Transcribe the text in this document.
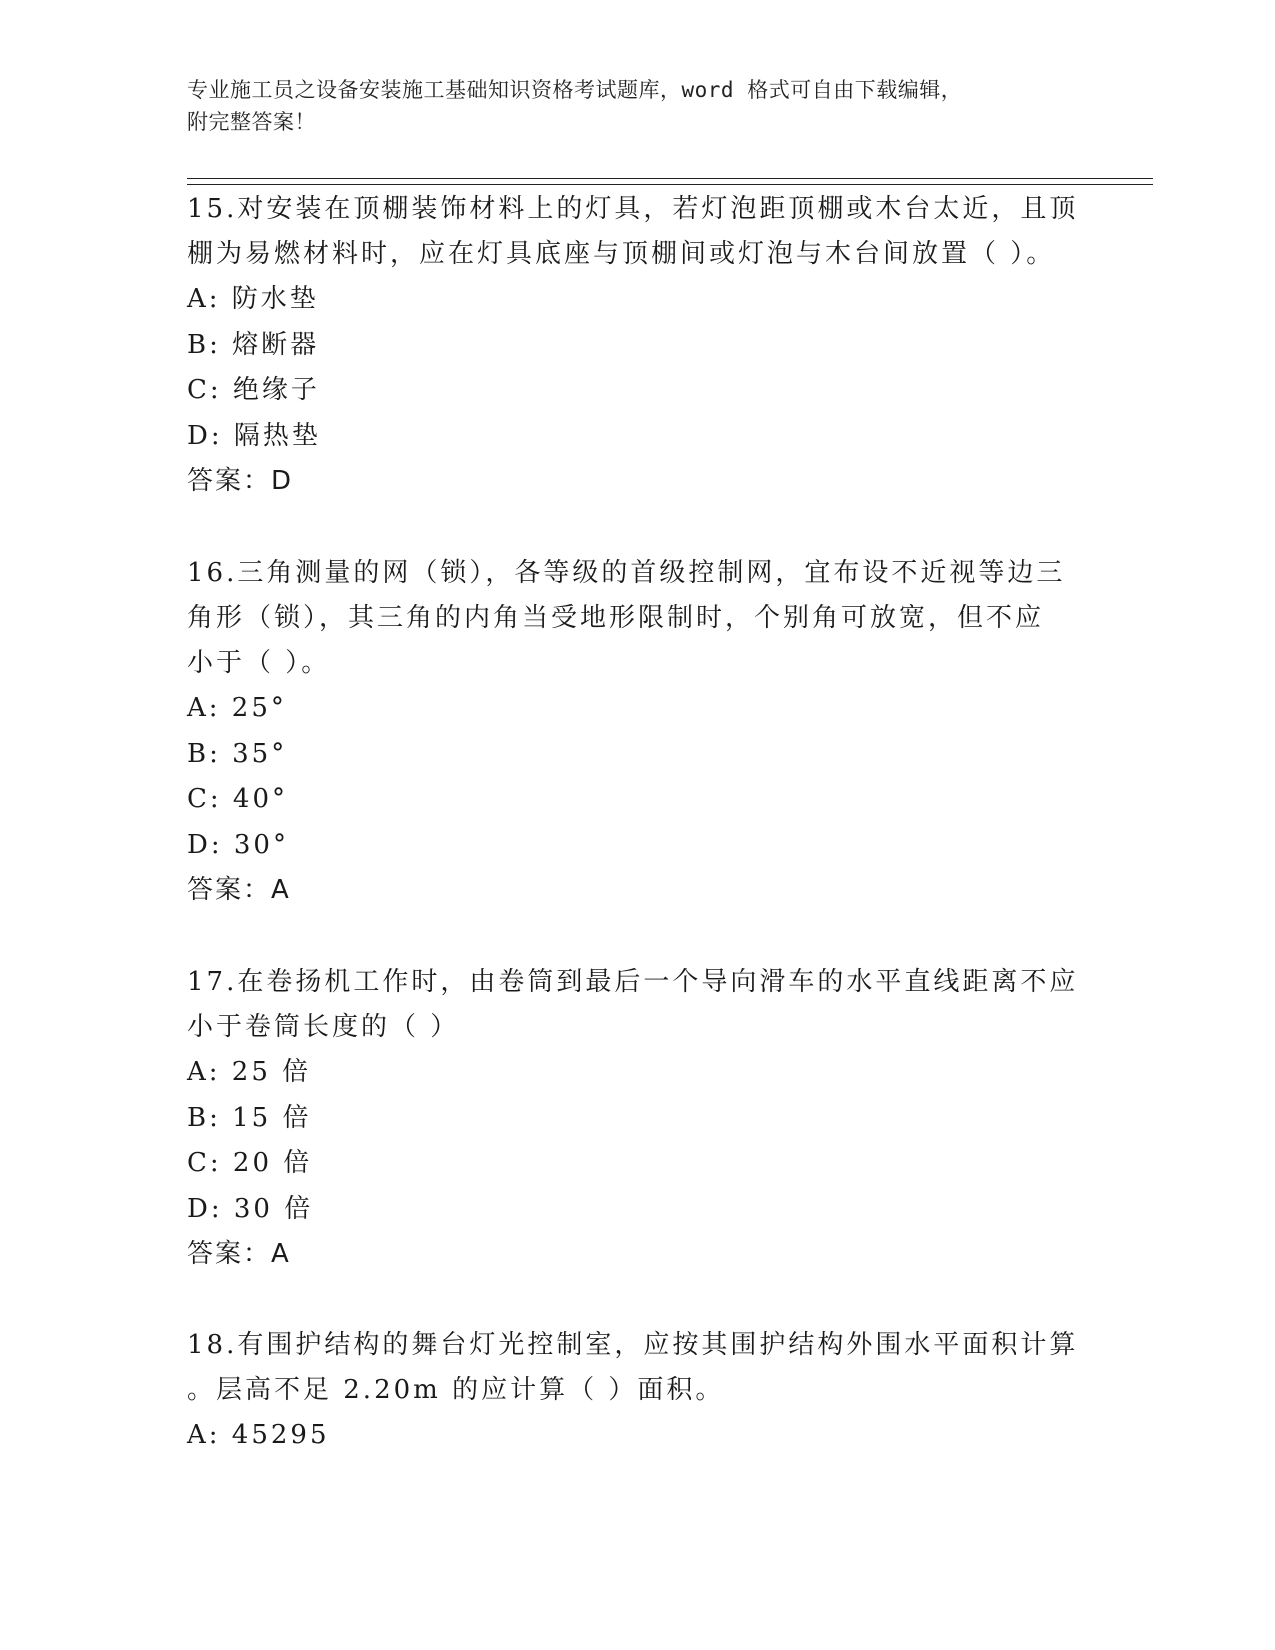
专业施工员之设备安装施工基础知识资格考试题库，word 格式可自由下载编辑，
附完整答案！
15.对安装在顶棚装饰材料上的灯具，若灯泡距顶棚或木台太近，且顶
棚为易燃材料时，应在灯具底座与顶棚间或灯泡与木台间放置（ ）。
A: 防水垫
B: 熔断器
C: 绝缘子
D: 隔热垫
答案：D
16.三角测量的网（锁），各等级的首级控制网，宜布设不近视等边三
角形（锁），其三角的内角当受地形限制时，个别角可放宽，但不应
小于（ ）。
A: 25°
B: 35°
C: 40°
D: 30°
答案：A
17.在卷扬机工作时，由卷筒到最后一个导向滑车的水平直线距离不应
小于卷筒长度的（ ）
A: 25 倍
B: 15 倍
C: 20 倍
D: 30 倍
答案：A
18.有围护结构的舞台灯光控制室，应按其围护结构外围水平面积计算
。层高不足 2.20m 的应计算（ ）面积。
A: 45295
